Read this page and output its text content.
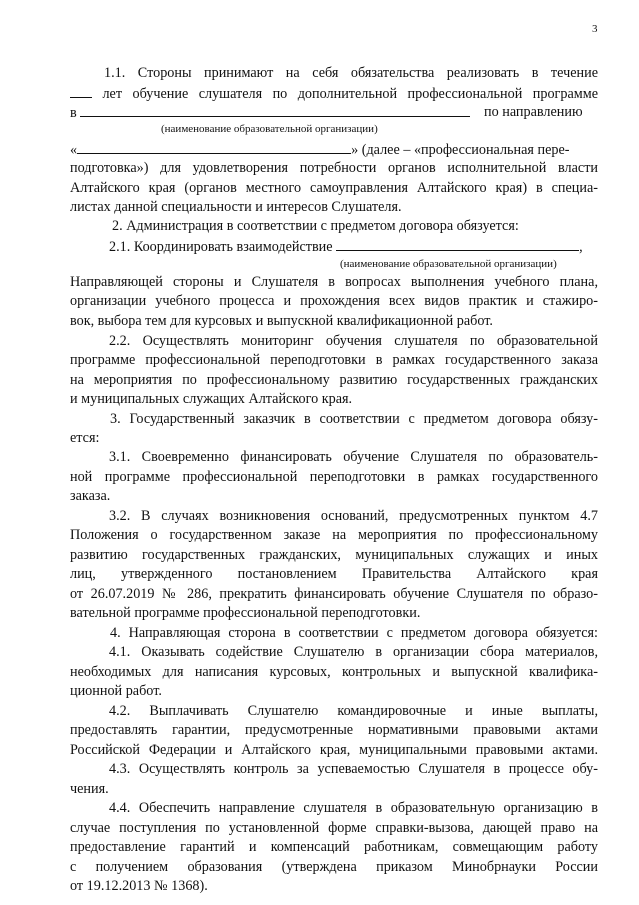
3
1.1. Стороны принимают на себя обязательства реализовать в течение
лет обучение слушателя по дополнительной профессиональной программе
в	по направлению
(наименование образовательной организации)
«	» (далее – «профессиональная пере-
подготовка») для удовлетворения потребности органов исполнительной власти
Алтайского края (органов местного самоуправления Алтайского края) в специа-
листах данной специальности и интересов Слушателя.
2. Администрация в соответствии с предметом договора обязуется:
2.1. Координировать взаимодействие	,
(наименование образовательной организации)
Направляющей стороны и Слушателя в вопросах выполнения учебного плана,
организации учебного процесса и прохождения всех видов практик и стажиро-
вок, выбора тем для курсовых и выпускной квалификационной работ.
2.2. Осуществлять мониторинг обучения слушателя по образовательной
программе профессиональной переподготовки в рамках государственного заказа
на мероприятия по профессиональному развитию государственных гражданских
и муниципальных служащих Алтайского края.
3. Государственный заказчик в соответствии с предметом договора обязу-
ется:
3.1. Своевременно финансировать обучение Слушателя по образователь-
ной программе профессиональной переподготовки в рамках государственного
заказа.
3.2. В случаях возникновения оснований, предусмотренных пунктом 4.7
Положения о государственном заказе на мероприятия по профессиональному
развитию государственных гражданских, муниципальных служащих и иных
лиц, утвержденного постановлением Правительства Алтайского края
от 26.07.2019 № 286, прекратить финансировать обучение Слушателя по образо-
вательной программе профессиональной переподготовки.
4. Направляющая сторона в соответствии с предметом договора обязуется:
4.1. Оказывать содействие Слушателю в организации сбора материалов,
необходимых для написания курсовых, контрольных и выпускной квалифика-
ционной работ.
4.2. Выплачивать Слушателю командировочные и иные выплаты,
предоставлять гарантии, предусмотренные нормативными правовыми актами
Российской Федерации и Алтайского края, муниципальными правовыми актами.
4.3. Осуществлять контроль за успеваемостью Слушателя в процессе обу-
чения.
4.4. Обеспечить направление слушателя в образовательную организацию в
случае поступления по установленной форме справки-вызова, дающей право на
предоставление гарантий и компенсаций работникам, совмещающим работу
с получением образования (утверждена приказом Минобрнауки России
от 19.12.2013 № 1368).
